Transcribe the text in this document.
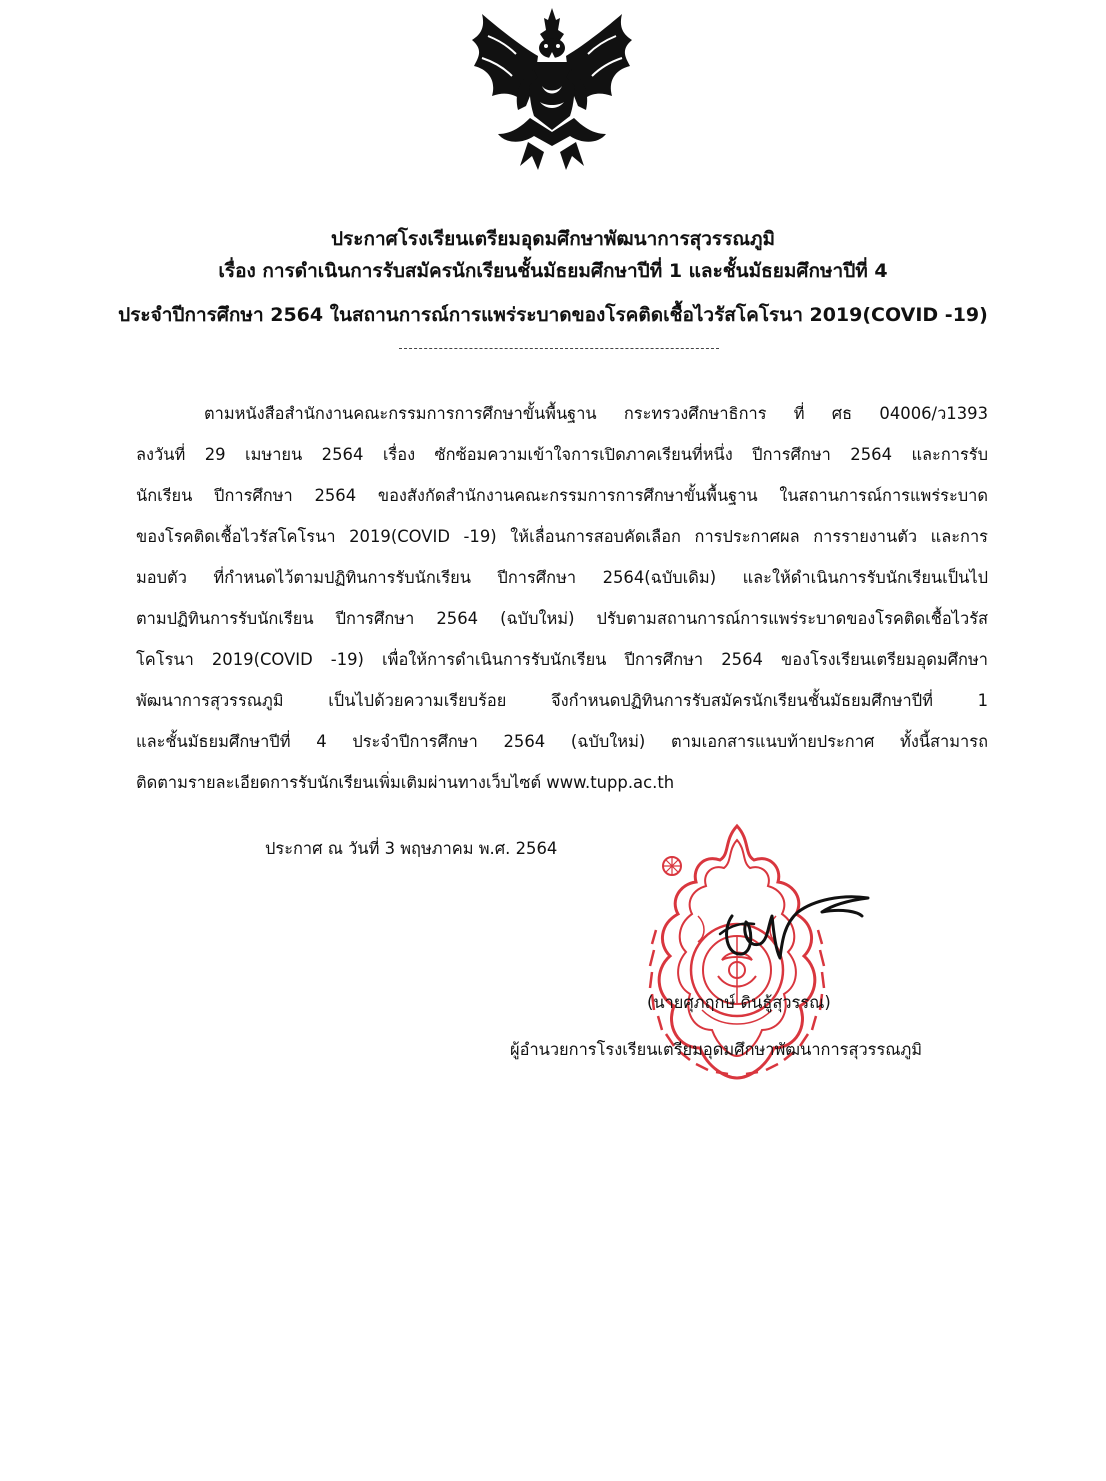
ประกาศโรงเรียนเตรียมอุดมศึกษาพัฒนาการสุวรรณภูมิ
เรื่อง การดำเนินการรับสมัครนักเรียนชั้นมัธยมศึกษาปีที่ 1 และชั้นมัธยมศึกษาปีที่ 4
ประจำปีการศึกษา 2564 ในสถานการณ์การแพร่ระบาดของโรคติดเชื้อไวรัสโคโรนา 2019(COVID -19)
ตามหนังสือสำนักงานคณะกรรมการการศึกษาขั้นพื้นฐาน กระทรวงศึกษาธิการ ที่ ศธ 04006/ว1393
ลงวันที่ 29 เมษายน 2564 เรื่อง ซักซ้อมความเข้าใจการเปิดภาคเรียนที่หนึ่ง ปีการศึกษา 2564 และการรับ
นักเรียน ปีการศึกษา 2564 ของสังกัดสำนักงานคณะกรรมการการศึกษาขั้นพื้นฐาน ในสถานการณ์การแพร่ระบาด
ของโรคติดเชื้อไวรัสโคโรนา 2019(COVID -19) ให้เลื่อนการสอบคัดเลือก การประกาศผล การรายงานตัว และการ
มอบตัว ที่กำหนดไว้ตามปฏิทินการรับนักเรียน ปีการศึกษา 2564(ฉบับเดิม) และให้ดำเนินการรับนักเรียนเป็นไป
ตามปฏิทินการรับนักเรียน ปีการศึกษา 2564 (ฉบับใหม่) ปรับตามสถานการณ์การแพร่ระบาดของโรคติดเชื้อไวรัส
โคโรนา 2019(COVID -19) เพื่อให้การดำเนินการรับนักเรียน ปีการศึกษา 2564 ของโรงเรียนเตรียมอุดมศึกษา
พัฒนาการสุวรรณภูมิ เป็นไปด้วยความเรียบร้อย จึงกำหนดปฏิทินการรับสมัครนักเรียนชั้นมัธยมศึกษาปีที่ 1
และชั้นมัธยมศึกษาปีที่ 4 ประจำปีการศึกษา 2564 (ฉบับใหม่) ตามเอกสารแนบท้ายประกาศ ทั้งนี้สามารถ
ติดตามรายละเอียดการรับนักเรียนเพิ่มเติมผ่านทางเว็บไซต์ www.tupp.ac.th
ประกาศ ณ วันที่ 3 พฤษภาคม พ.ศ. 2564
(นายศุภฤกษ์ ดินธู้สุวรรณ)
ผู้อำนวยการโรงเรียนเตรียมอุดมศึกษาพัฒนาการสุวรรณภูมิ
